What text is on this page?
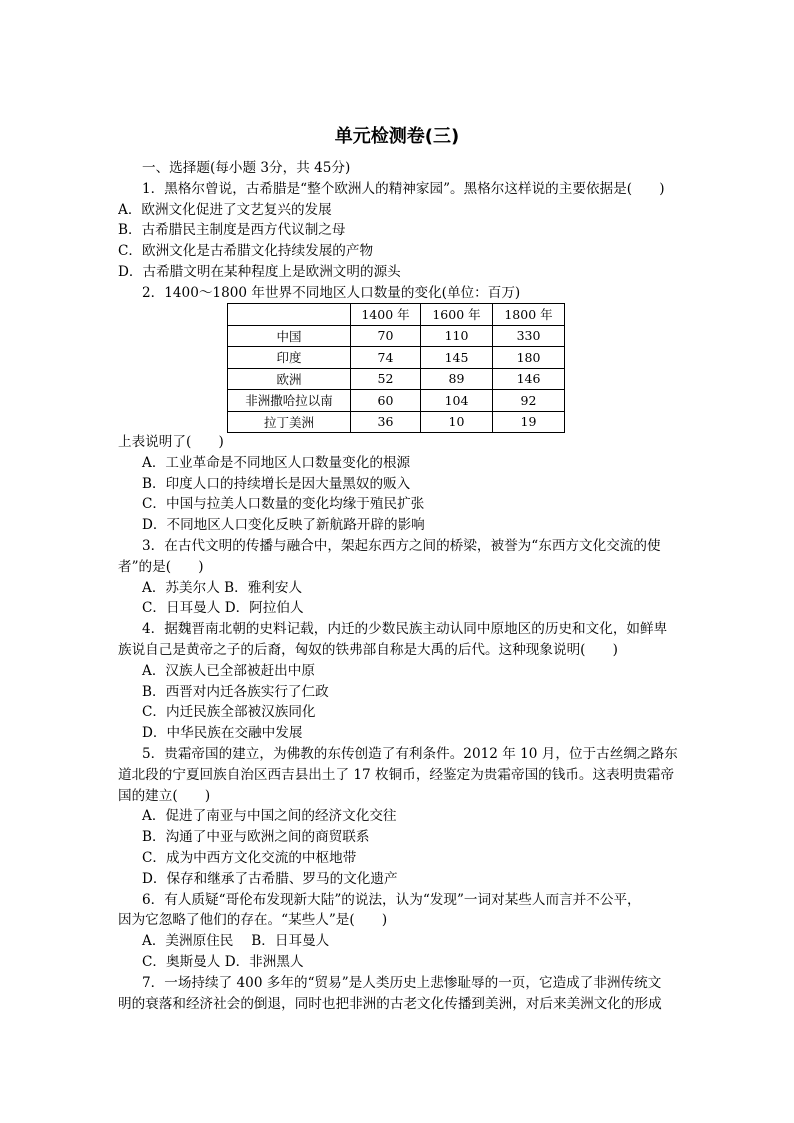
单元检测卷(三)
一、选择题(每小题 3分，共 45分)
1．黑格尔曾说，古希腊是“整个欧洲人的精神家园”。黑格尔这样说的主要依据是(　　)
A．欧洲文化促进了文艺复兴的发展
B．古希腊民主制度是西方代议制之母
C．欧洲文化是古希腊文化持续发展的产物
D．古希腊文明在某种程度上是欧洲文明的源头
2．1400～1800 年世界不同地区人口数量的变化(单位：百万)
	1400 年	1600 年	1800 年
中国	70	110	330
印度	74	145	180
欧洲	52	89	146
非洲撒哈拉以南	60	104	92
拉丁美洲	36	10	19
上表说明了(　　)
A．工业革命是不同地区人口数量变化的根源
B．印度人口的持续增长是因大量黑奴的贩入
C．中国与拉美人口数量的变化均缘于殖民扩张
D．不同地区人口变化反映了新航路开辟的影响
3．在古代文明的传播与融合中，架起东西方之间的桥梁，被誉为“东西方文化交流的使
者”的是(　　)
A．苏美尔人 B．雅利安人
C．日耳曼人 D．阿拉伯人
4．据魏晋南北朝的史料记载，内迁的少数民族主动认同中原地区的历史和文化，如鲜卑
族说自己是黄帝之子的后裔，匈奴的铁弗部自称是大禹的后代。这种现象说明(　　)
A．汉族人已全部被赶出中原
B．西晋对内迁各族实行了仁政
C．内迁民族全部被汉族同化
D．中华民族在交融中发展
5．贵霜帝国的建立，为佛教的东传创造了有利条件。2012 年 10 月，位于古丝绸之路东
道北段的宁夏回族自治区西吉县出土了 17 枚铜币，经鉴定为贵霜帝国的钱币。这表明贵霜帝
国的建立(　　)
A．促进了南亚与中国之间的经济文化交往
B．沟通了中亚与欧洲之间的商贸联系
C．成为中西方文化交流的中枢地带
D．保存和继承了古希腊、罗马的文化遗产
6．有人质疑“哥伦布发现新大陆”的说法，认为“发现”一词对某些人而言并不公平，
因为它忽略了他们的存在。“某些人”是(　　)
A．美洲原住民　 B．日耳曼人
C．奥斯曼人 D．非洲黑人
7．一场持续了 400 多年的“贸易”是人类历史上悲惨耻辱的一页，它造成了非洲传统文
明的衰落和经济社会的倒退，同时也把非洲的古老文化传播到美洲，对后来美洲文化的形成
